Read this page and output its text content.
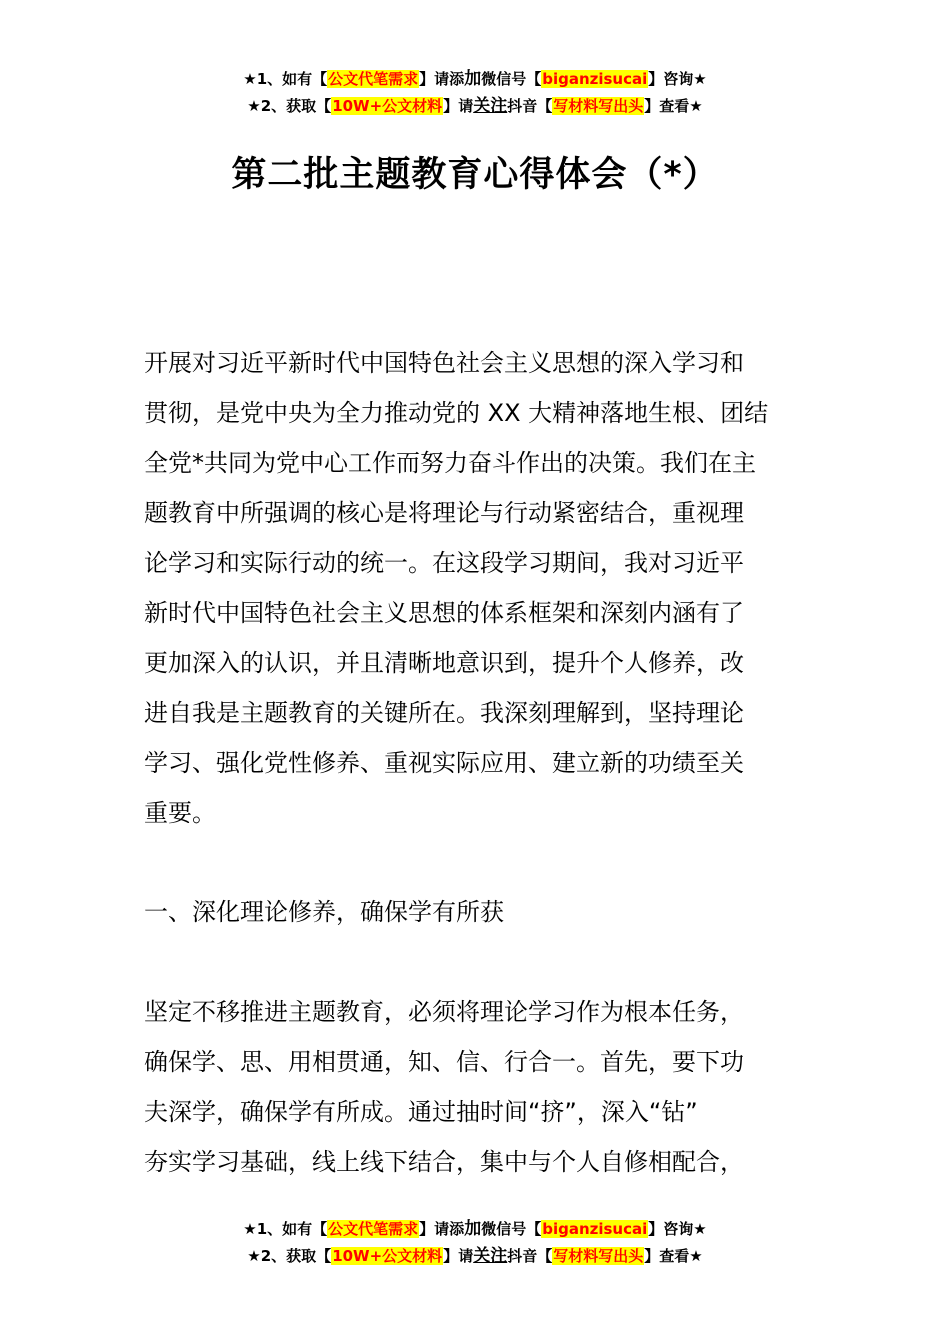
★1、如有【公文代笔需求】请添加微信号【biganzisucai】咨询★
★2、获取【10W+公文材料】请关注抖音【写材料写出头】查看★
第二批主题教育心得体会（*）
开展对习近平新时代中国特色社会主义思想的深入学习和
贯彻，是党中央为全力推动党的 XX 大精神落地生根、团结
全党*共同为党中心工作而努力奋斗作出的决策。我们在主
题教育中所强调的核心是将理论与行动紧密结合，重视理
论学习和实际行动的统一。在这段学习期间，我对习近平
新时代中国特色社会主义思想的体系框架和深刻内涵有了
更加深入的认识，并且清晰地意识到，提升个人修养，改
进自我是主题教育的关键所在。我深刻理解到，坚持理论
学习、强化党性修养、重视实际应用、建立新的功绩至关
重要。
一、深化理论修养，确保学有所获
坚定不移推进主题教育，必须将理论学习作为根本任务，
确保学、思、用相贯通，知、信、行合一。首先，要下功
夫深学，确保学有所成。通过抽时间“挤”，深入“钻”
夯实学习基础，线上线下结合，集中与个人自修相配合，
★1、如有【公文代笔需求】请添加微信号【biganzisucai】咨询★
★2、获取【10W+公文材料】请关注抖音【写材料写出头】查看★
